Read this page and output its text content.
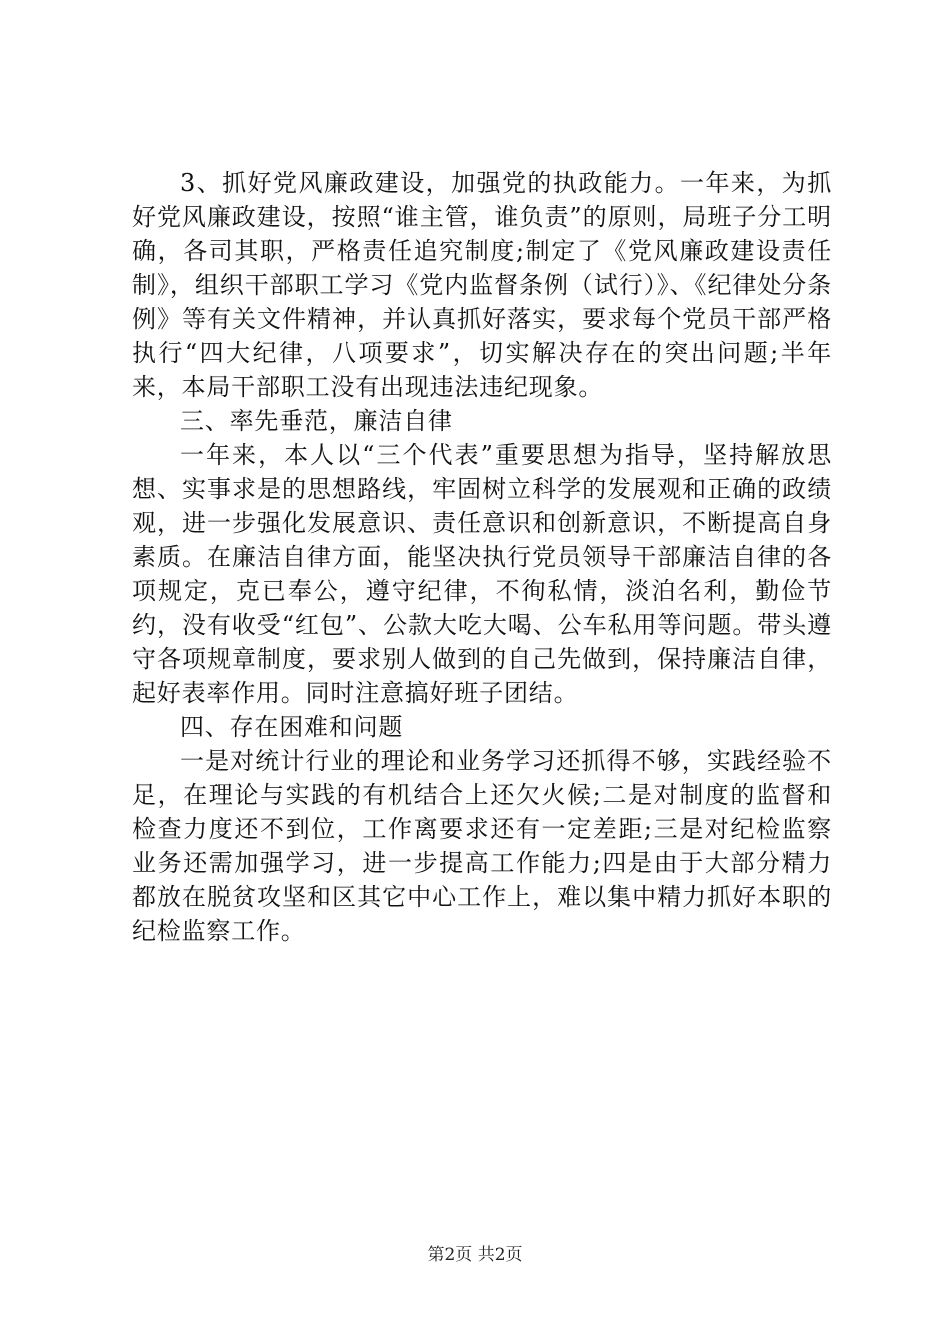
3、抓好党风廉政建设，加强党的执政能力。一年来，为抓好党风廉政建设，按照“谁主管，谁负责”的原则，局班子分工明确，各司其职，严格责任追究制度;制定了《党风廉政建设责任制》，组织干部职工学习《党内监督条例（试行）》、《纪律处分条例》等有关文件精神，并认真抓好落实，要求每个党员干部严格执行“四大纪律，八项要求”，切实解决存在的突出问题;半年来，本局干部职工没有出现违法违纪现象。

三、率先垂范，廉洁自律

一年来，本人以“三个代表”重要思想为指导，坚持解放思想、实事求是的思想路线，牢固树立科学的发展观和正确的政绩观，进一步强化发展意识、责任意识和创新意识，不断提高自身素质。在廉洁自律方面，能坚决执行党员领导干部廉洁自律的各项规定，克已奉公，遵守纪律，不徇私情，淡泊名利，勤俭节约，没有收受“红包”、公款大吃大喝、公车私用等问题。带头遵守各项规章制度，要求别人做到的自己先做到，保持廉洁自律，起好表率作用。同时注意搞好班子团结。

四、存在困难和问题

一是对统计行业的理论和业务学习还抓得不够，实践经验不足，在理论与实践的有机结合上还欠火候;二是对制度的监督和检查力度还不到位，工作离要求还有一定差距;三是对纪检监察业务还需加强学习，进一步提高工作能力;四是由于大部分精力都放在脱贫攻坚和区其它中心工作上，难以集中精力抓好本职的纪检监察工作。

第2页 共2页
